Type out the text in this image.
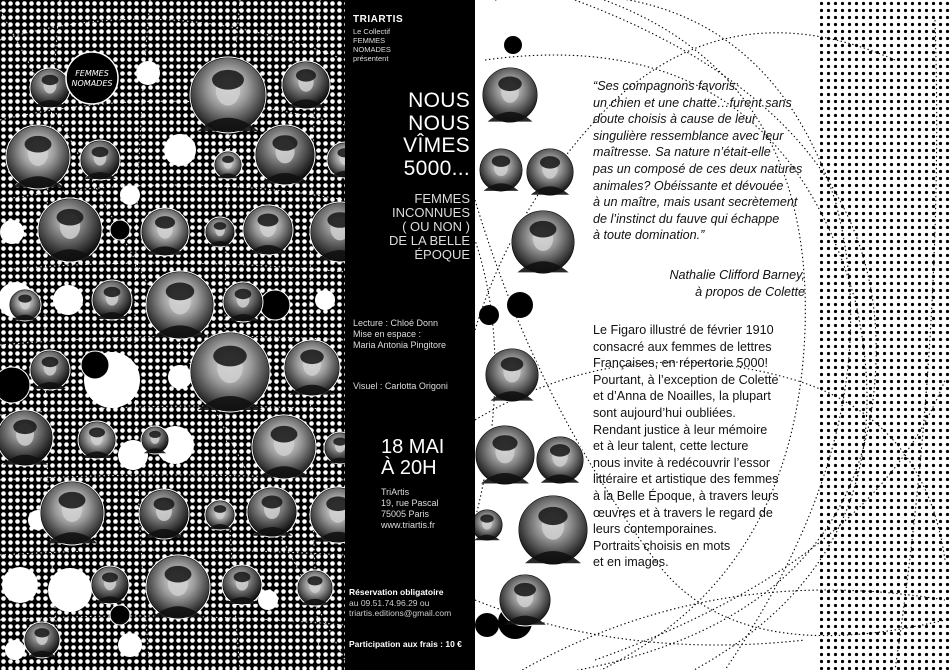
FEMMES
NOMADES
TRIARTIS
Le Collectif
FEMMES
NOMADES
présentent
NOUS
NOUS
VÎMES
5000...
FEMMES
INCONNUES
( OU NON )
DE LA BELLE
ÉPOQUE
Lecture : Chloé Donn
Mise en espace :
Maria Antonia Pingitore
Visuel : Carlotta Origoni
18 MAI
À 20H
TriArtis
19, rue Pascal
75005 Paris
www.triartis.fr
Réservation obligatoire
au 09.51.74.96.29 ou
triartis.editions@gmail.com
Participation aux frais : 10 €
“Ses compagnons favoris:
un chien et une chatte…furent sans
doute choisis à cause de leur
singulière ressemblance avec leur
maîtresse. Sa nature n’était-elle
pas un composé de ces deux natures
animales? Obéissante et dévouée
à un maître, mais usant secrètement
de l’instinct du fauve qui échappe
à toute domination.”
Nathalie Clifford Barney,
à propos de Colette
Le Figaro illustré de février 1910
consacré aux femmes de lettres
Françaises, en répertorie 5000!
Pourtant, à l’exception de Colette
et d’Anna de Noailles, la plupart
sont aujourd’hui oubliées.
Rendant justice à leur mémoire
et à leur talent, cette lecture
nous invite à redécouvrir l’essor
littéraire et artistique des femmes
à la Belle Époque, à travers leurs
œuvres et à travers le regard de
leurs contemporaines.
Portraits choisis en mots
et en images.
